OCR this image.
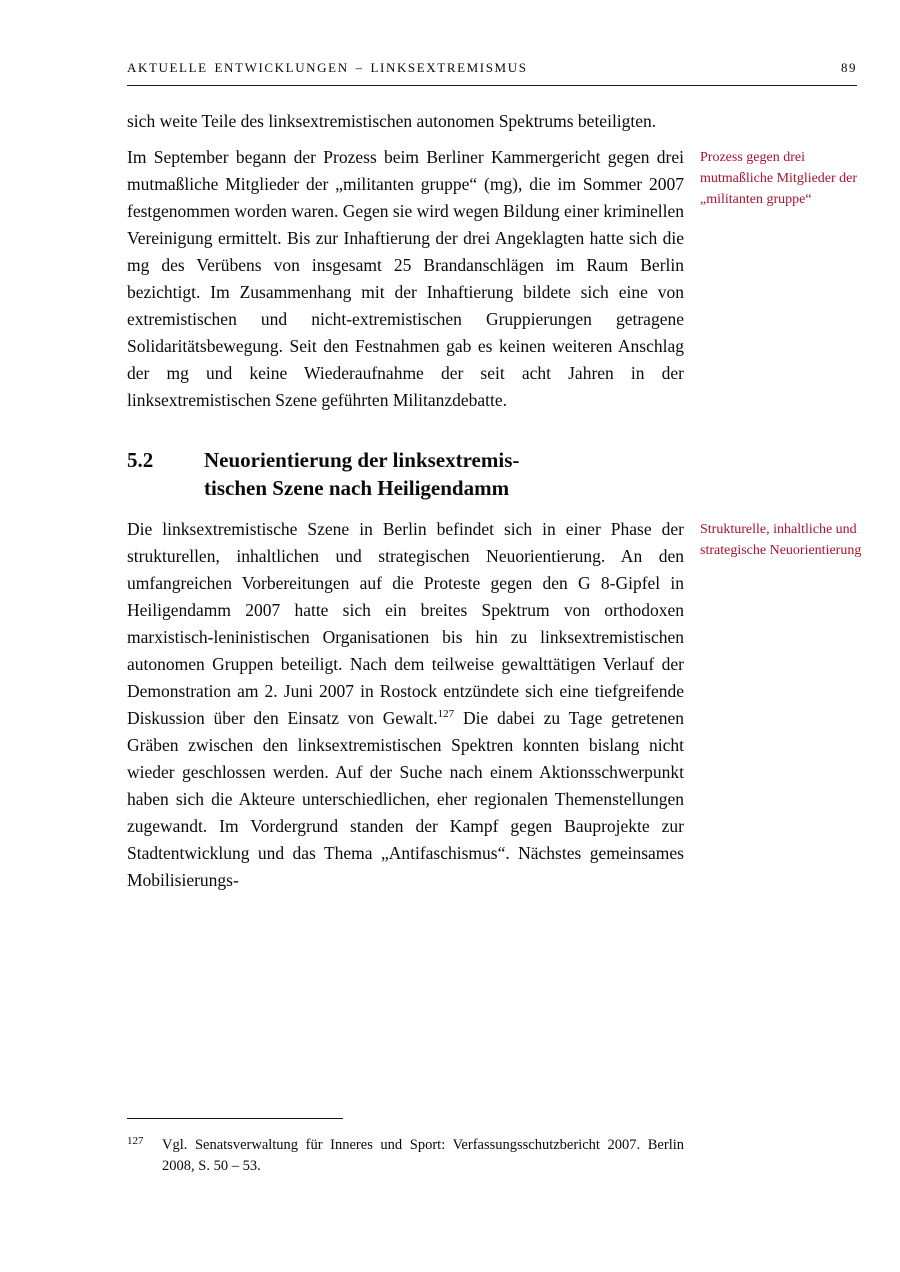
AKTUELLE ENTWICKLUNGEN – LINKSEXTREMISMUS	89

sich weite Teile des linksextremistischen autonomen Spektrums beteiligten.

Im September begann der Prozess beim Berliner Kammergericht gegen drei mutmaßliche Mitglieder der „militanten gruppe“ (mg), die im Sommer 2007 festgenommen worden waren. Gegen sie wird wegen Bildung einer kriminellen Vereinigung ermittelt. Bis zur Inhaftierung der drei Angeklagten hatte sich die mg des Verübens von insgesamt 25 Brandanschlägen im Raum Berlin bezichtigt. Im Zusammenhang mit der Inhaftierung bildete sich eine von extremistischen und nicht-extremistischen Gruppierungen getragene Solidaritätsbewegung. Seit den Festnahmen gab es keinen weiteren Anschlag der mg und keine Wiederaufnahme der seit acht Jahren in der linksextremistischen Szene geführten Militanzdebatte.

Prozess gegen drei mutmaßliche Mitglieder der „militanten gruppe“
5.2	Neuorientierung der linksextremis-
tischen Szene nach Heiligendamm

Die linksextremistische Szene in Berlin befindet sich in einer Phase der strukturellen, inhaltlichen und strategischen Neuorientierung. An den umfangreichen Vorbereitungen auf die Proteste gegen den G 8-Gipfel in Heiligendamm 2007 hatte sich ein breites Spektrum von orthodoxen marxistisch-leninistischen Organisationen bis hin zu linksextremistischen autonomen Gruppen beteiligt. Nach dem teilweise gewalttätigen Verlauf der Demonstration am 2. Juni 2007 in Rostock entzündete sich eine tiefgreifende Diskussion über den Einsatz von Gewalt.$^{127}$ Die dabei zu Tage getretenen Gräben zwischen den linksextremistischen Spektren konnten bislang nicht wieder geschlossen werden. Auf der Suche nach einem Aktionsschwerpunkt haben sich die Akteure unterschiedlichen, eher regionalen Themenstellungen zugewandt. Im Vordergrund standen der Kampf gegen Bauprojekte zur Stadtentwicklung und das Thema „Antifaschismus“. Nächstes gemeinsames Mobilisierungs-

Strukturelle, inhaltliche und strategische Neuorientierung
127	Vgl. Senatsverwaltung für Inneres und Sport: Verfassungsschutzbericht 2007. Berlin 2008, S. 50 – 53.
